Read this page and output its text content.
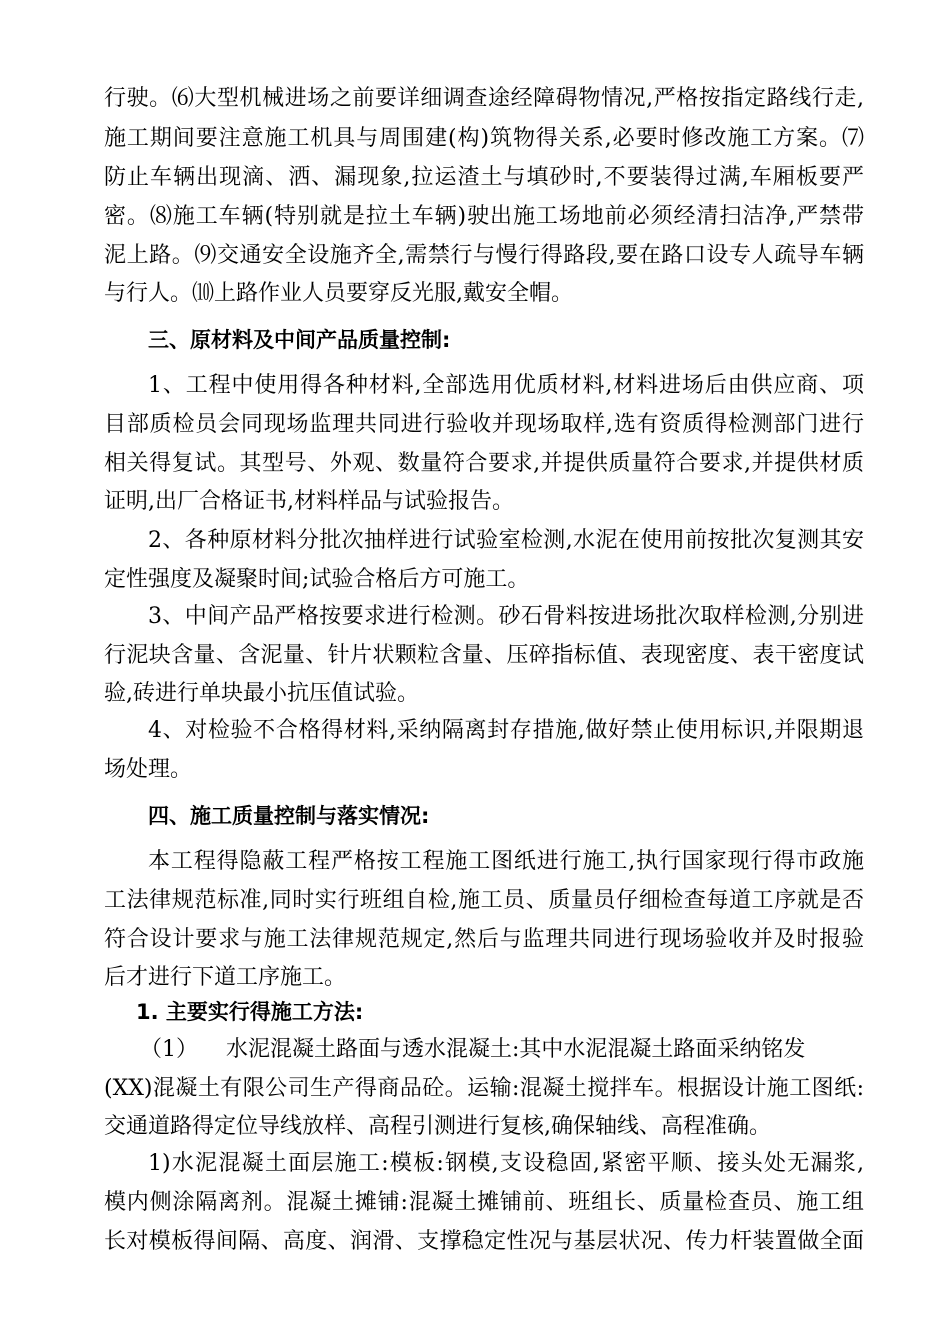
行驶。⑹大型机械进场之前要详细调查途经障碍物情况,严格按指定路线行走,
施工期间要注意施工机具与周围建(构)筑物得关系,必要时修改施工方案。⑺
防止车辆出现滴、洒、漏现象,拉运渣土与填砂时,不要装得过满,车厢板要严
密。⑻施工车辆(特别就是拉土车辆)驶出施工场地前必须经清扫洁净,严禁带
泥上路。⑼交通安全设施齐全,需禁行与慢行得路段,要在路口设专人疏导车辆
与行人。⑽上路作业人员要穿反光服,戴安全帽。
三、原材料及中间产品质量控制:
1、工程中使用得各种材料,全部选用优质材料,材料进场后由供应商、项
目部质检员会同现场监理共同进行验收并现场取样,选有资质得检测部门进行
相关得复试。其型号、外观、数量符合要求,并提供质量符合要求,并提供材质
证明,出厂合格证书,材料样品与试验报告。
2、各种原材料分批次抽样进行试验室检测,水泥在使用前按批次复测其安
定性强度及凝聚时间;试验合格后方可施工。
3、中间产品严格按要求进行检测。砂石骨料按进场批次取样检测,分别进
行泥块含量、含泥量、针片状颗粒含量、压碎指标值、表现密度、表干密度试
验,砖进行单块最小抗压值试验。
4、对检验不合格得材料,采纳隔离封存措施,做好禁止使用标识,并限期退
场处理。
四、施工质量控制与落实情况:
本工程得隐蔽工程严格按工程施工图纸进行施工,执行国家现行得市政施
工法律规范标准,同时实行班组自检,施工员、质量员仔细检查每道工序就是否
符合设计要求与施工法律规范规定,然后与监理共同进行现场验收并及时报验
后才进行下道工序施工。
1. 主要实行得施工方法:
（1）    水泥混凝土路面与透水混凝土:其中水泥混凝土路面采纳铭发
(XX)混凝土有限公司生产得商品砼。运输:混凝土搅拌车。根据设计施工图纸:
交通道路得定位导线放样、高程引测进行复核,确保轴线、高程准确。
1)水泥混凝土面层施工:模板:钢模,支设稳固,紧密平顺、接头处无漏浆,
模内侧涂隔离剂。混凝土摊铺:混凝土摊铺前、班组长、质量检查员、施工组
长对模板得间隔、高度、润滑、支撑稳定性况与基层状况、传力杆装置做全面
